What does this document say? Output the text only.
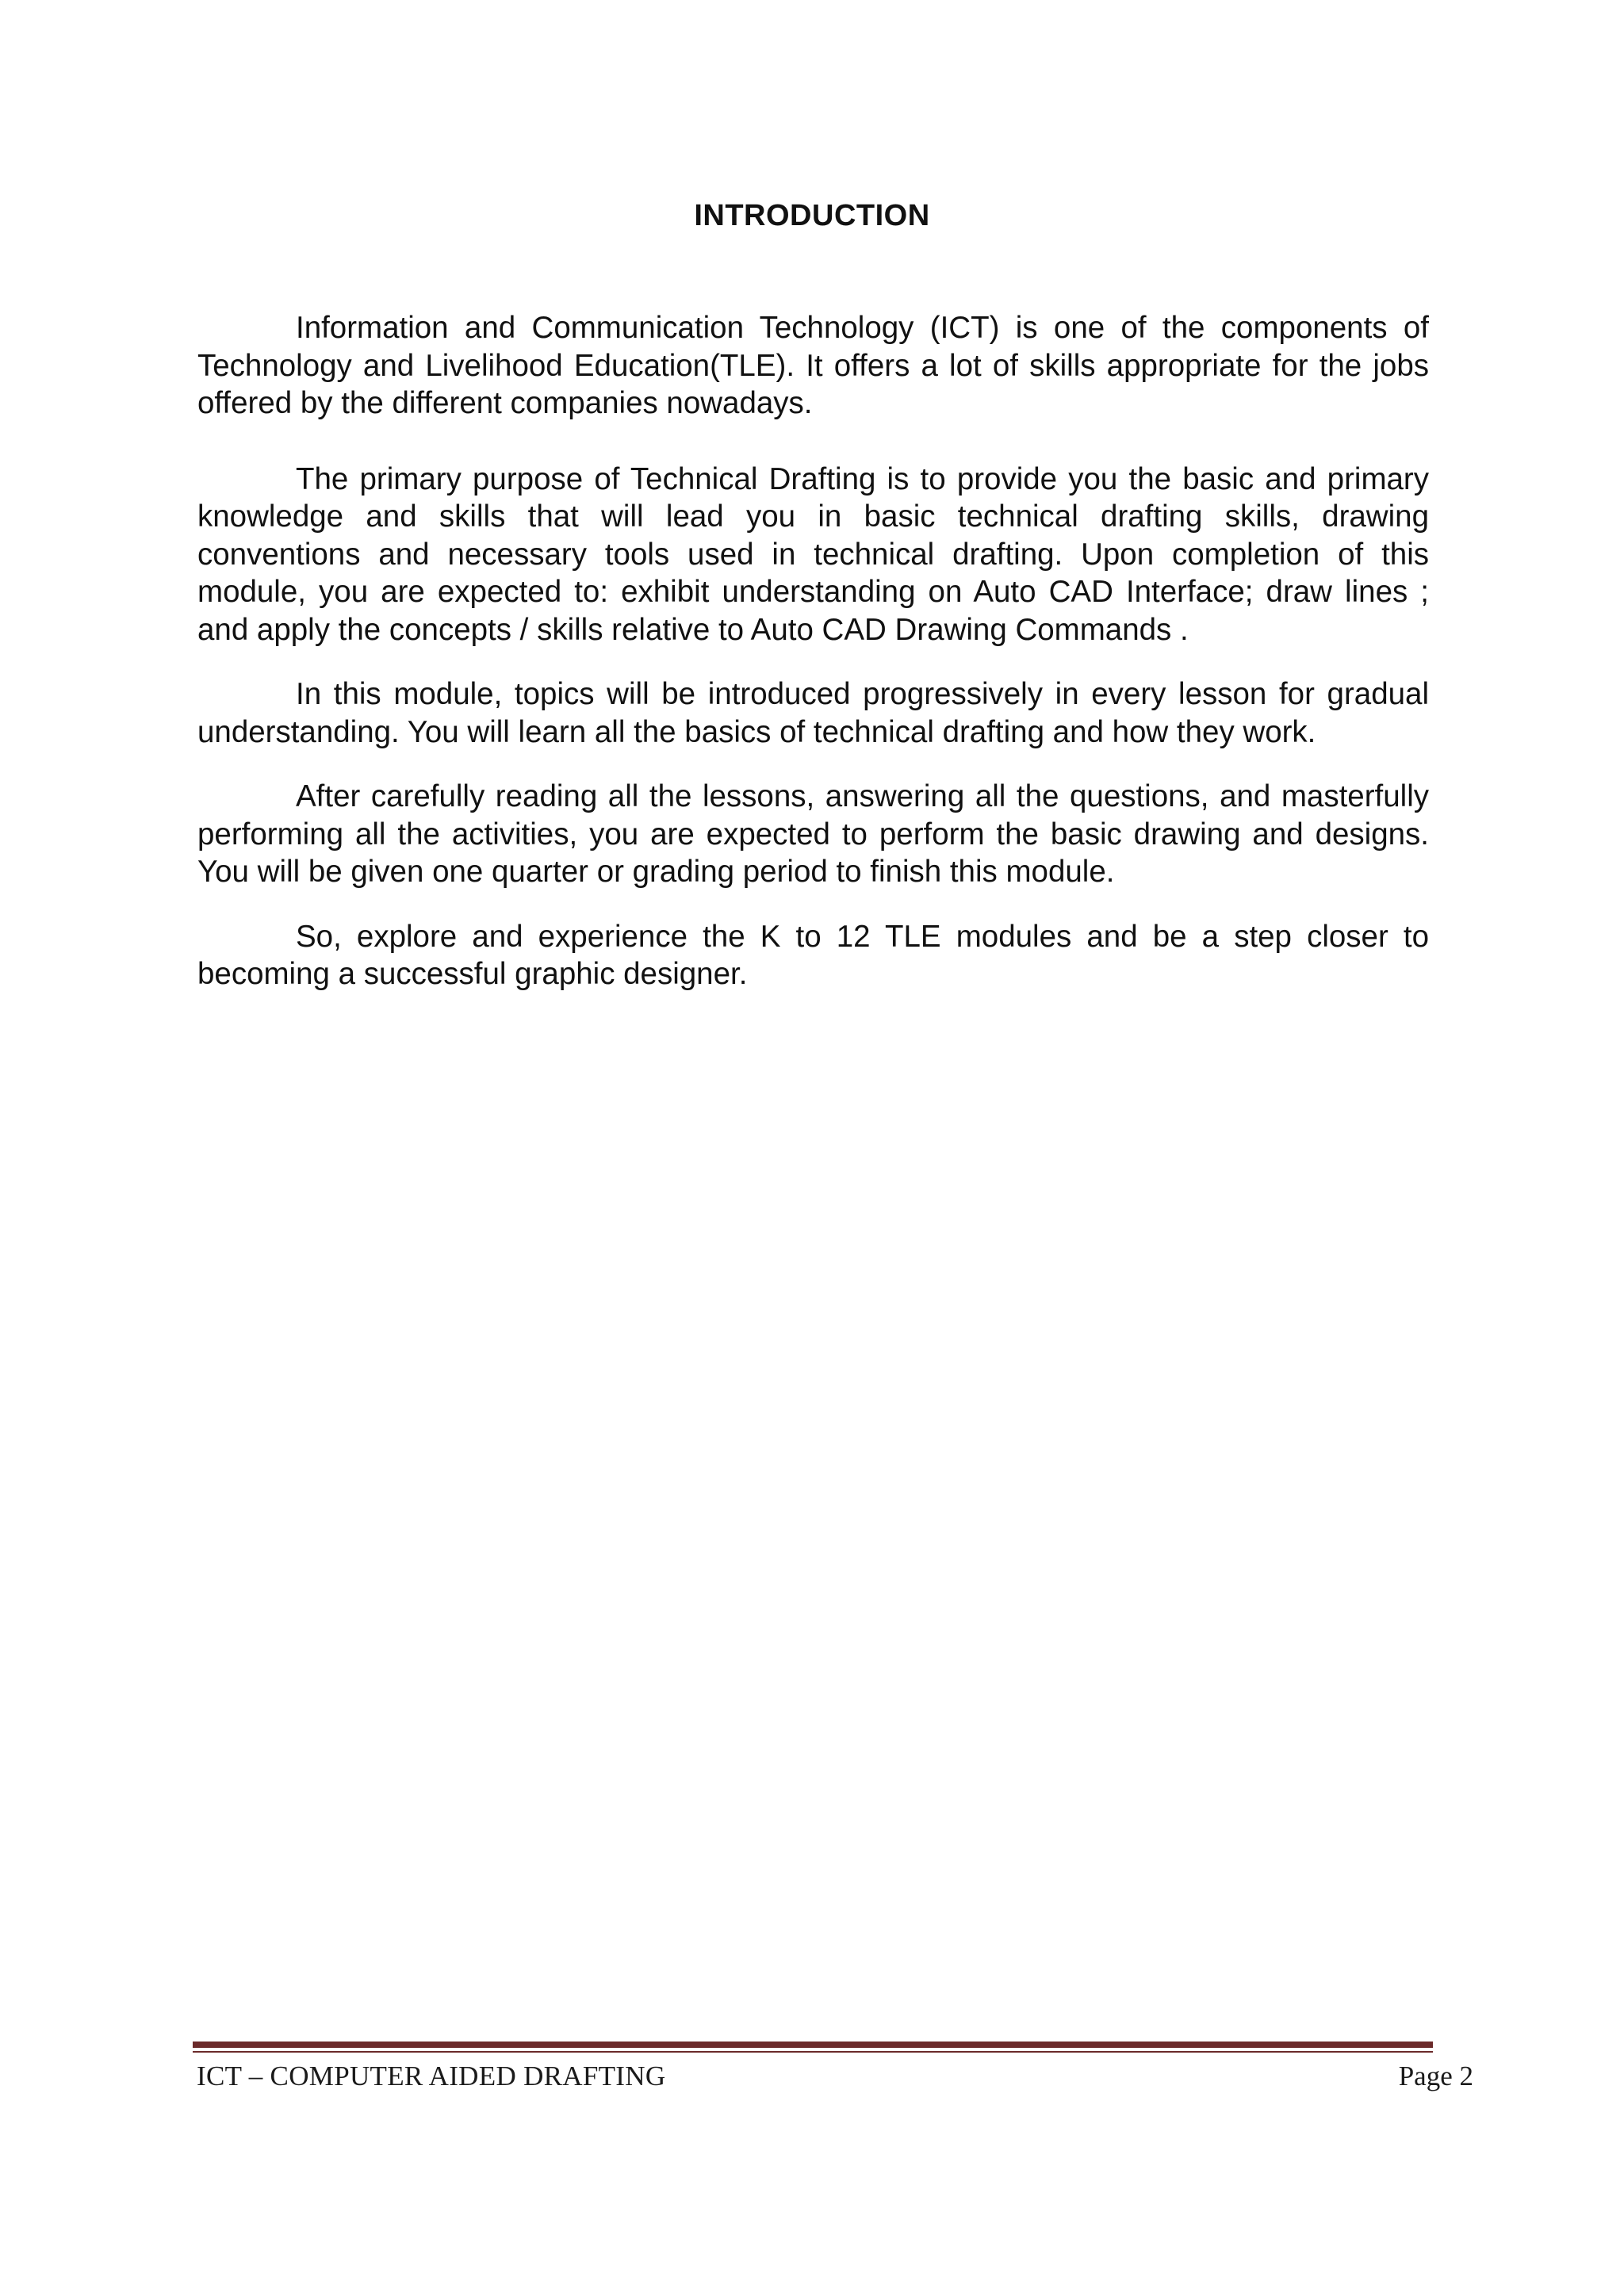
INTRODUCTION

Information and Communication Technology (ICT) is one of the components of Technology and Livelihood Education(TLE). It offers a lot of skills appropriate for the jobs offered by the different companies nowadays.

The primary purpose of Technical Drafting is to provide you the basic and primary knowledge and skills that will lead you in basic technical drafting skills, drawing conventions and necessary tools used in technical drafting. Upon completion of this module, you are expected to: exhibit understanding on Auto CAD Interface; draw lines ; and apply the concepts / skills relative to Auto CAD Drawing Commands .

In this module, topics will be introduced progressively in every lesson for gradual understanding. You will learn all the basics of technical drafting and how they work.

After carefully reading all the lessons, answering all the questions, and masterfully performing all the activities, you are expected to perform the basic drawing and designs. You will be given one quarter or grading period to finish this module.

So, explore and experience the K to 12 TLE modules and be a step closer to becoming a successful graphic designer.

ICT – COMPUTER AIDED DRAFTING	Page 2
